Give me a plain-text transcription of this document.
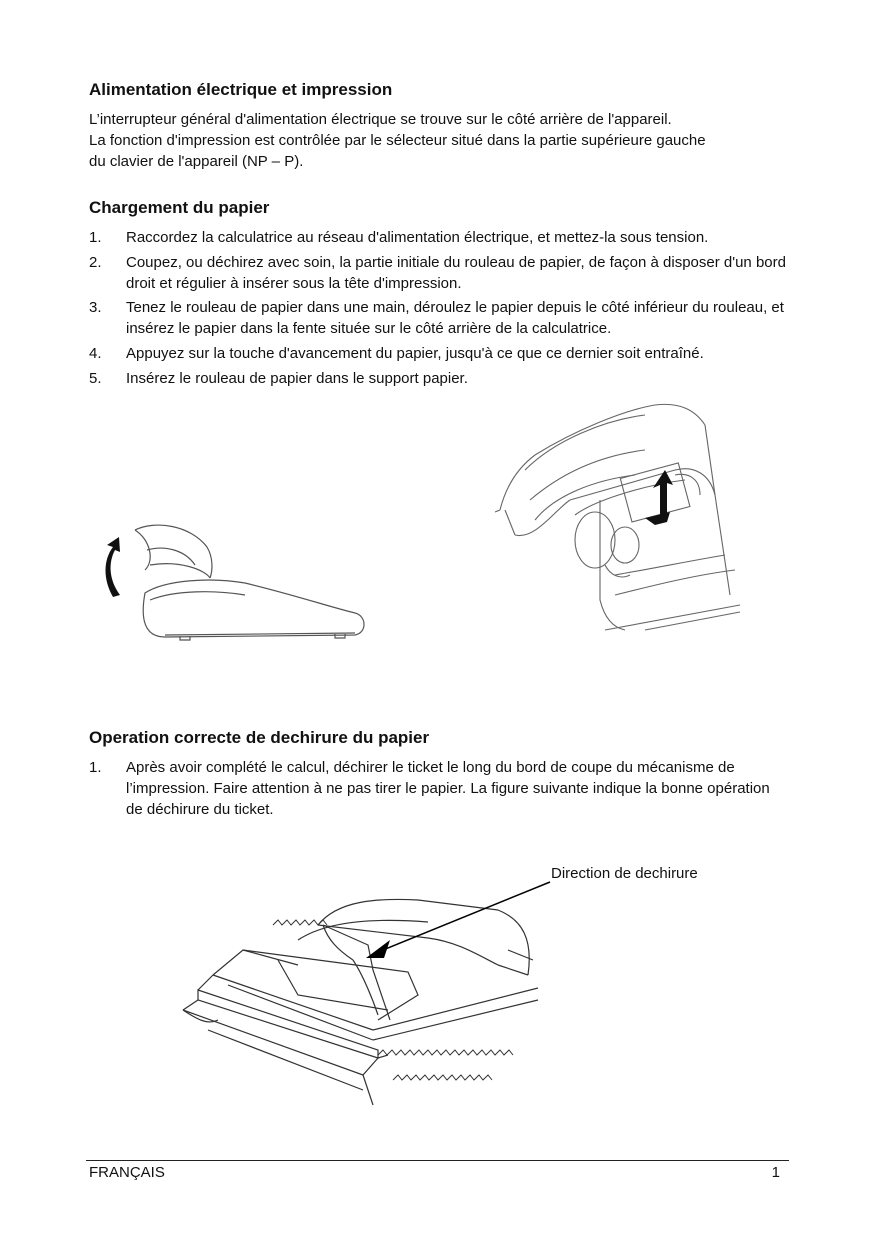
Alimentation électrique et impression

L’interrupteur général d'alimentation électrique se trouve sur le côté arrière de l'appareil.

La fonction d'impression est contrôlée par le sélecteur situé dans la partie supérieure gauche

du clavier de l'appareil (NP – P).

Chargement du papier
1. Raccordez la calculatrice au réseau d'alimentation électrique, et mettez-la sous tension.
2. Coupez, ou déchirez avec soin, la partie initiale du rouleau de papier, de façon à disposer d'un bord droit et régulier à insérer sous la tête d'impression.
3. Tenez le rouleau de papier dans une main, déroulez le papier depuis le côté inférieur du rouleau, et insérez le papier dans la fente située sur le côté arrière de la calculatrice.
4. Appuyez sur la touche d'avancement du papier, jusqu'à ce que ce dernier soit entraîné.
5. Insérez le rouleau de papier dans le support papier.
Operation correcte de dechirure du papier
1. Après avoir complété le calcul, déchirer le ticket le long du bord de coupe du mécanisme de l’impression. Faire attention à ne pas tirer le papier. La figure suivante indique la bonne opération de déchirure du ticket.
Direction de dechirure
FRANÇAIS	1
